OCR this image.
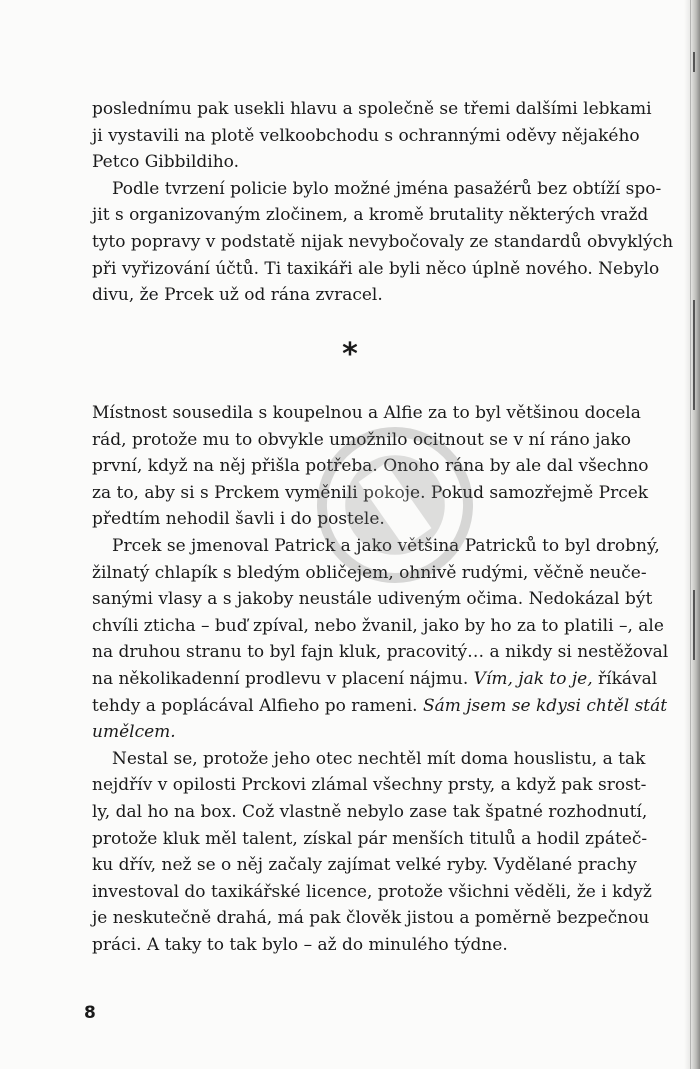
poslednímu pak usekli hlavu a společně se třemi dalšími lebkami
ji vystavili na plotě velkoobchodu s ochrannými oděvy nějakého
Petco Gibbildiho.
Podle tvrzení policie bylo možné jména pasažérů bez obtíží spo-
jit s organizovaným zločinem, a kromě brutality některých vražd
tyto popravy v podstatě nijak nevybočovaly ze standardů obvyklých
při vyřizování účtů. Ti taxikáři ale byli něco úplně nového. Nebylo
divu, že Prcek už od rána zvracel.
*
Místnost sousedila s koupelnou a Alfie za to byl většinou docela
rád, protože mu to obvykle umožnilo ocitnout se v ní ráno jako
první, když na něj přišla potřeba. Onoho rána by ale dal všechno
za to, aby si s Prckem vyměnili pokoje. Pokud samozřejmě Prcek
předtím nehodil šavli i do postele.
Prcek se jmenoval Patrick a jako většina Patricků to byl drobný,
žilnatý chlapík s bledým obličejem, ohnivě rudými, věčně neuče-
sanými vlasy a s jakoby neustále udiveným očima. Nedokázal být
chvíli zticha – buď zpíval, nebo žvanil, jako by ho za to platili –, ale
na druhou stranu to byl fajn kluk, pracovitý… a nikdy si nestěžoval
na několikadenní prodlevu v placení nájmu. Vím, jak to je, říkával
tehdy a poplácával Alfieho po rameni. Sám jsem se kdysi chtěl stát
umělcem.
Nestal se, protože jeho otec nechtěl mít doma houslistu, a tak
nejdřív v opilosti Prckovi zlámal všechny prsty, a když pak srost-
ly, dal ho na box. Což vlastně nebylo zase tak špatné rozhodnutí,
protože kluk měl talent, získal pár menších titulů a hodil zpáteč-
ku dřív, než se o něj začaly zajímat velké ryby. Vydělané prachy
investoval do taxikářské licence, protože všichni věděli, že i když
je neskutečně drahá, má pak člověk jistou a poměrně bezpečnou
práci. A taky to tak bylo – až do minulého týdne.
8
